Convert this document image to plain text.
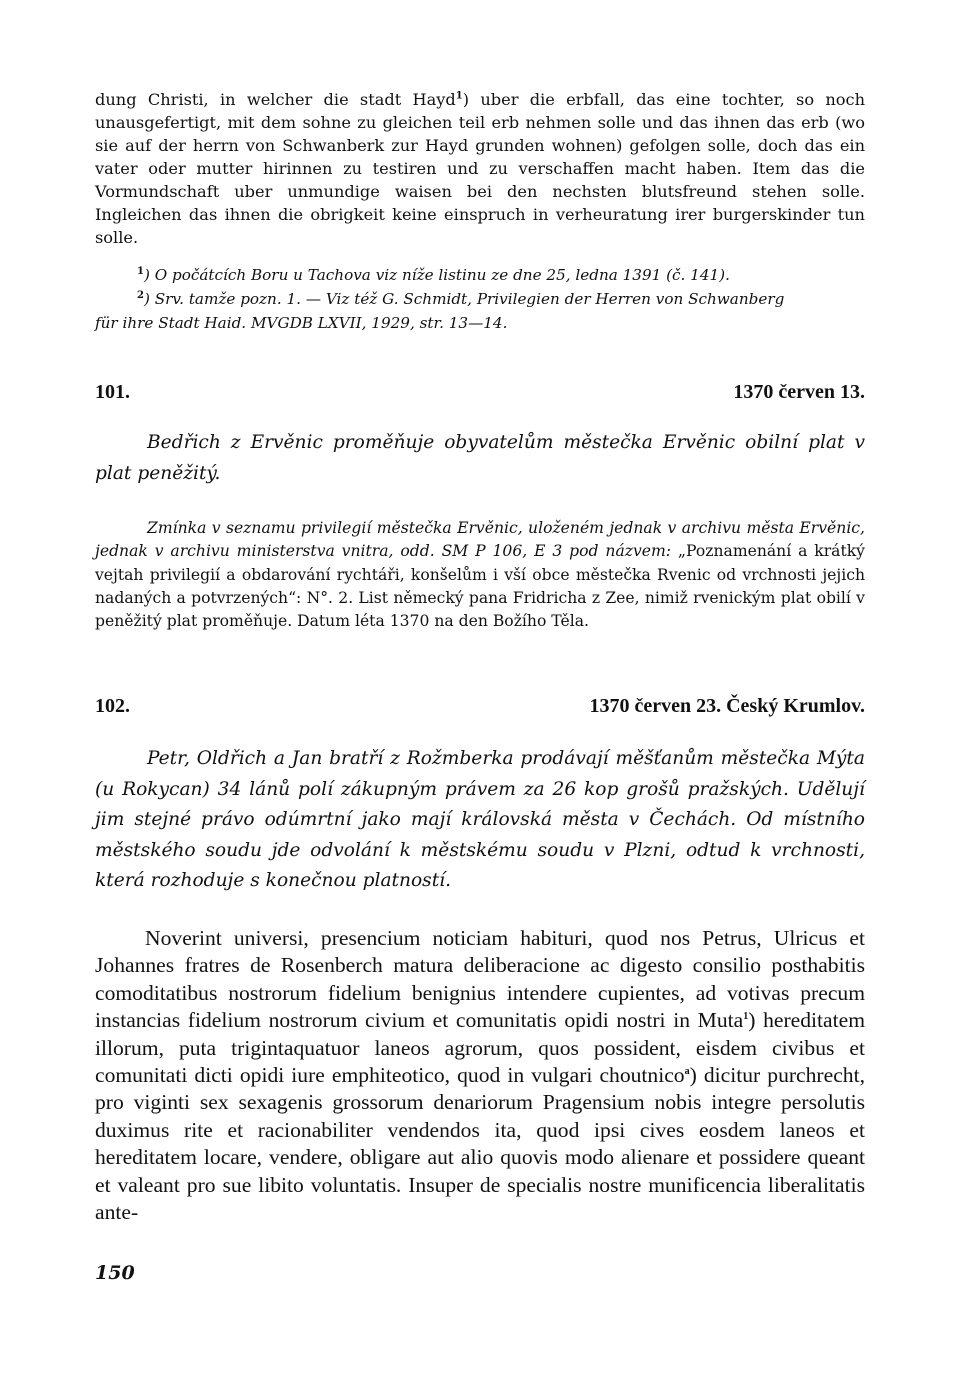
dung Christi, in welcher die stadt Hayd$^1$) uber die erbfall, das eine tochter, so noch unausgefertigt, mit dem sohne zu gleichen teil erb nehmen solle und das ihnen das erb (wo sie auf der herrn von Schwanberk zur Hayd grunden wohnen) gefolgen solle, doch das ein vater oder mutter hirinnen zu testiren und zu verschaffen macht haben. Item das die Vormundschaft uber unmundige waisen bei den nechsten blutsfreund stehen solle. Ingleichen das ihnen die obrigkeit keine einspruch in verheuratung irer burgerskinder tun solle.

$^1$) O počátcích Boru u Tachova viz níže listinu ze dne 25, ledna 1391 (č. 141).

$^2$) Srv. tamže pozn. 1. — Viz též G. Schmidt, Privilegien der Herren von Schwanberg

für ihre Stadt Haid. MVGDB LXVII, 1929, str. 13—14.

101.	1370 červen 13.

Bedřich z Ervěnic proměňuje obyvatelům městečka Ervěnic obilní plat v plat peněžitý.

Zmínka v seznamu privilegií městečka Ervěnic, uloženém jednak v archivu města Ervěnic, jednak v archivu ministerstva vnitra, odd. SM P 106, E 3 pod názvem: „Poznamenání a krátký vejtah privilegií a obdarování rychtáři, konšelům i vší obce městečka Rvenic od vrchnosti jejich nadaných a potvrzených“: N°. 2. List německý pana Fridricha z Zee, nimiž rvenickým plat obilí v peněžitý plat proměňuje. Datum léta 1370 na den Božího Těla.

102.	1370 červen 23. Český Krumlov.

Petr, Oldřich a Jan bratří z Rožmberka prodávají měšťanům městečka Mýta (u Rokycan) 34 lánů polí zákupným právem za 26 kop grošů pražských. Udělují jim stejné právo odúmrtní jako mají královská města v Čechách. Od místního městského soudu jde odvolání k městskému soudu v Plzni, odtud k vrchnosti, která rozhoduje s konečnou platností.

Noverint universi, presencium noticiam habituri, quod nos Petrus, Ulricus et Johannes fratres de Rosenberch matura deliberacione ac digesto consilio posthabitis comoditatibus nostrorum fidelium benignius intendere cupientes, ad votivas precum instancias fidelium nostrorum civium et comunitatis opidi nostri in Muta$^1$) hereditatem illorum, puta trigintaquatuor laneos agrorum, quos possident, eisdem civibus et comunitati dicti opidi iure emphiteotico, quod in vulgari choutnico$^a$) dicitur purchrecht, pro viginti sex sexagenis grossorum denariorum Pragensium nobis integre persolutis duximus rite et racionabiliter vendendos ita, quod ipsi cives eosdem laneos et hereditatem locare, vendere, obligare aut alio quovis modo alienare et possidere queant et valeant pro sue libito voluntatis. Insuper de specialis nostre munificencia liberalitatis ante-

150
